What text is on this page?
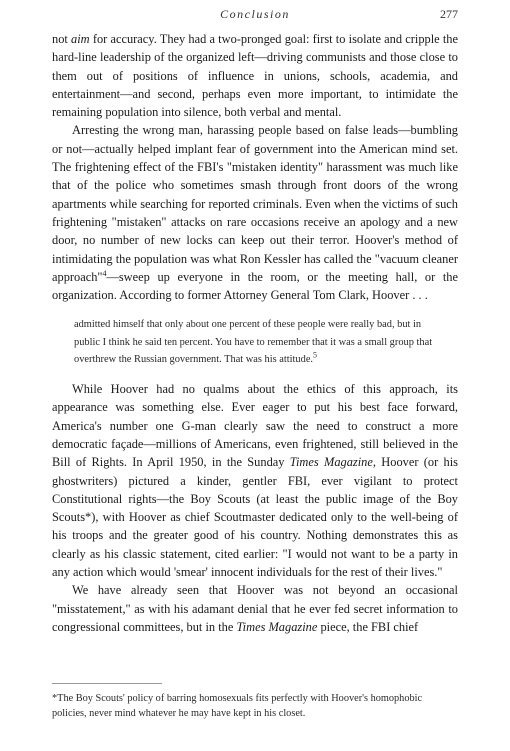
Conclusion	277

not aim for accuracy. They had a two-pronged goal: first to isolate and cripple the hard-line leadership of the organized left—driving communists and those close to them out of positions of influence in unions, schools, academia, and entertainment—and second, perhaps even more important, to intimidate the remaining population into silence, both verbal and mental.

Arresting the wrong man, harassing people based on false leads—bumbling or not—actually helped implant fear of government into the American mind set. The frightening effect of the FBI's "mistaken identity" harassment was much like that of the police who sometimes smash through front doors of the wrong apartments while searching for reported criminals. Even when the victims of such frightening "mistaken" attacks on rare occasions receive an apology and a new door, no number of new locks can keep out their terror. Hoover's method of intimidating the population was what Ron Kessler has called the "vacuum cleaner approach"$^4$—sweep up everyone in the room, or the meeting hall, or the organization. According to former Attorney General Tom Clark, Hoover . . .

admitted himself that only about one percent of these people were really bad, but in public I think he said ten percent. You have to remember that it was a small group that overthrew the Russian government. That was his attitude.$^5$

While Hoover had no qualms about the ethics of this approach, its appearance was something else. Ever eager to put his best face forward, America's number one G-man clearly saw the need to construct a more democratic façade—millions of Americans, even frightened, still believed in the Bill of Rights. In April 1950, in the Sunday Times Magazine, Hoover (or his ghostwriters) pictured a kinder, gentler FBI, ever vigilant to protect Constitutional rights—the Boy Scouts (at least the public image of the Boy Scouts*), with Hoover as chief Scoutmaster dedicated only to the well-being of his troops and the greater good of his country. Nothing demonstrates this as clearly as his classic statement, cited earlier: "I would not want to be a party in any action which would 'smear' innocent individuals for the rest of their lives."

We have already seen that Hoover was not beyond an occasional "misstatement," as with his adamant denial that he ever fed secret information to congressional committees, but in the Times Magazine piece, the FBI chief

*The Boy Scouts' policy of barring homosexuals fits perfectly with Hoover's homophobic policies, never mind whatever he may have kept in his closet.
